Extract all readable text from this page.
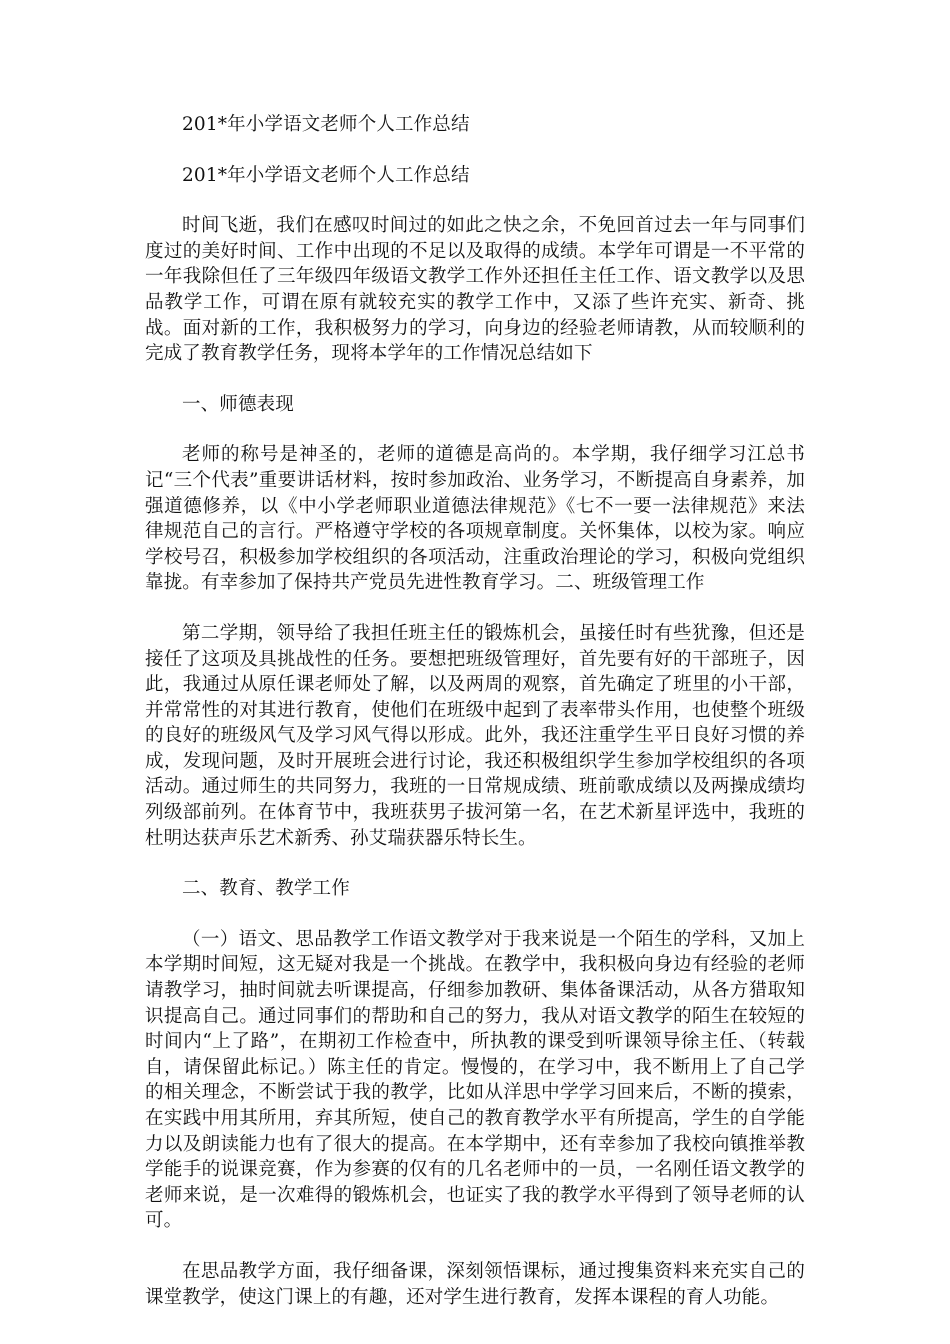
201*年小学语文老师个人工作总结

201*年小学语文老师个人工作总结

时间飞逝，我们在感叹时间过的如此之快之余，不免回首过去一年与同事们度过的美好时间、工作中出现的不足以及取得的成绩。本学年可谓是一不平常的一年我除但任了三年级四年级语文教学工作外还担任主任工作、语文教学以及思品教学工作，可谓在原有就较充实的教学工作中，又添了些许充实、新奇、挑战。面对新的工作，我积极努力的学习，向身边的经验老师请教，从而较顺利的完成了教育教学任务，现将本学年的工作情况总结如下

一、师德表现

老师的称号是神圣的，老师的道德是高尚的。本学期，我仔细学习江总书记“三个代表”重要讲话材料，按时参加政治、业务学习，不断提高自身素养，加强道德修养，以《中小学老师职业道德法律规范》《七不一要一法律规范》来法律规范自己的言行。严格遵守学校的各项规章制度。关怀集体，以校为家。响应学校号召，积极参加学校组织的各项活动，注重政治理论的学习，积极向党组织靠拢。有幸参加了保持共产党员先进性教育学习。二、班级管理工作

第二学期，领导给了我担任班主任的锻炼机会，虽接任时有些犹豫，但还是接任了这项及具挑战性的任务。要想把班级管理好，首先要有好的干部班子，因此，我通过从原任课老师处了解，以及两周的观察，首先确定了班里的小干部，并常常性的对其进行教育，使他们在班级中起到了表率带头作用，也使整个班级的良好的班级风气及学习风气得以形成。此外，我还注重学生平日良好习惯的养成，发现问题，及时开展班会进行讨论，我还积极组织学生参加学校组织的各项活动。通过师生的共同努力，我班的一日常规成绩、班前歌成绩以及两操成绩均列级部前列。在体育节中，我班获男子拔河第一名，在艺术新星评选中，我班的杜明达获声乐艺术新秀、孙艾瑞获器乐特长生。

二、教育、教学工作

（一）语文、思品教学工作语文教学对于我来说是一个陌生的学科，又加上本学期时间短，这无疑对我是一个挑战。在教学中，我积极向身边有经验的老师请教学习，抽时间就去听课提高，仔细参加教研、集体备课活动，从各方猎取知识提高自己。通过同事们的帮助和自己的努力，我从对语文教学的陌生在较短的时间内“上了路”，在期初工作检查中，所执教的课受到听课领导徐主任、（转载自，请保留此标记。）陈主任的肯定。慢慢的，在学习中，我不断用上了自己学的相关理念，不断尝试于我的教学，比如从洋思中学学习回来后，不断的摸索，在实践中用其所用，弃其所短，使自己的教育教学水平有所提高，学生的自学能力以及朗读能力也有了很大的提高。在本学期中，还有幸参加了我校向镇推举教学能手的说课竞赛，作为参赛的仅有的几名老师中的一员，一名刚任语文教学的老师来说，是一次难得的锻炼机会，也证实了我的教学水平得到了领导老师的认可。

在思品教学方面，我仔细备课，深刻领悟课标，通过搜集资料来充实自己的课堂教学，使这门课上的有趣，还对学生进行教育，发挥本课程的育人功能。
